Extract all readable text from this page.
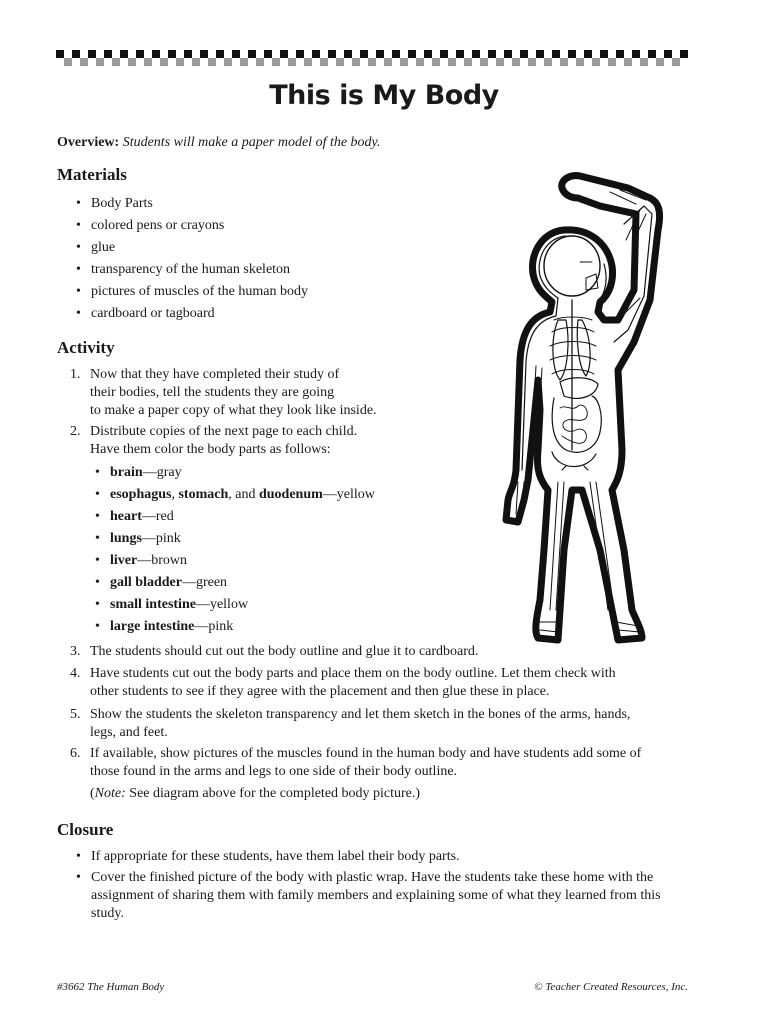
This is My Body
Overview: Students will make a paper model of the body.
Materials
• Body Parts
• colored pens or crayons
• glue
• transparency of the human skeleton
• pictures of muscles of the human body
• cardboard or tagboard
Activity
1. Now that they have completed their study of
their bodies, tell the students they are going
to make a paper copy of what they look like inside.
2. Distribute copies of the next page to each child.
Have them color the body parts as follows:
• brain—gray
• esophagus, stomach, and duodenum—yellow
• heart—red
• lungs—pink
• liver—brown
• gall bladder—green
• small intestine—yellow
• large intestine—pink
3. The students should cut out the body outline and glue it to cardboard.
4. Have students cut out the body parts and place them on the body outline. Let them check with
other students to see if they agree with the placement and then glue these in place.
5. Show the students the skeleton transparency and let them sketch in the bones of the arms, hands,
legs, and feet.
6. If available, show pictures of the muscles found in the human body and have students add some of
those found in the arms and legs to one side of their body outline.
(Note: See diagram above for the completed body picture.)
Closure
• If appropriate for these students, have them label their body parts.
• Cover the finished picture of the body with plastic wrap. Have the students take these home with the assignment of sharing them with family members and explaining some of what they learned from this study.
#3662 The Human Body	© Teacher Created Resources, Inc.
